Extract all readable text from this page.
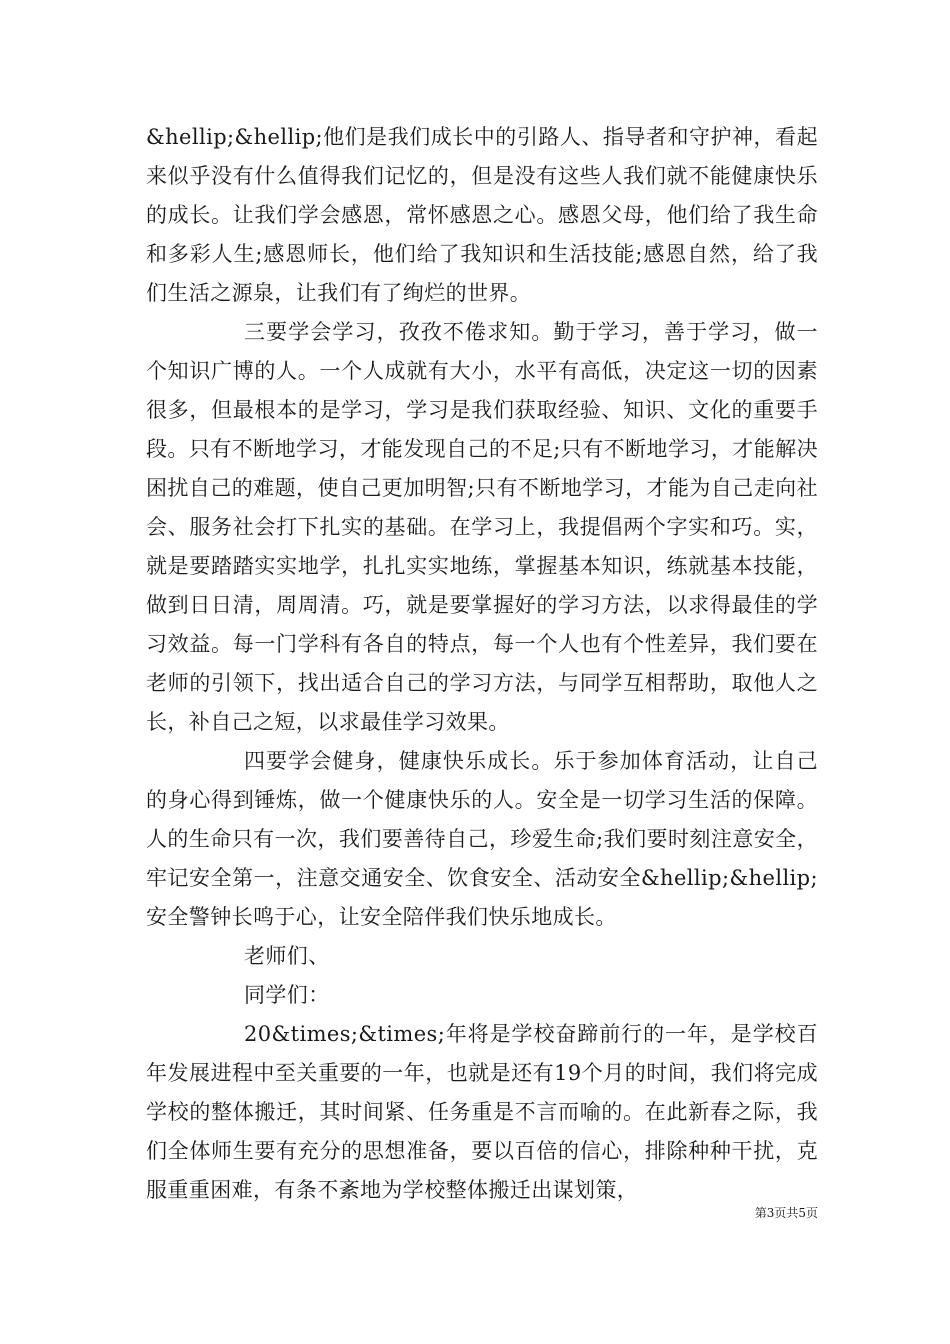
&hellip;&hellip;他们是我们成长中的引路人、指导者和守护神，看起来似乎没有什么值得我们记忆的，但是没有这些人我们就不能健康快乐的成长。让我们学会感恩，常怀感恩之心。感恩父母，他们给了我生命和多彩人生;感恩师长，他们给了我知识和生活技能;感恩自然，给了我们生活之源泉，让我们有了绚烂的世界。

三要学会学习，孜孜不倦求知。勤于学习，善于学习，做一个知识广博的人。一个人成就有大小，水平有高低，决定这一切的因素很多，但最根本的是学习，学习是我们获取经验、知识、文化的重要手段。只有不断地学习，才能发现自己的不足;只有不断地学习，才能解决困扰自己的难题，使自己更加明智;只有不断地学习，才能为自己走向社会、服务社会打下扎实的基础。在学习上，我提倡两个字实和巧。实，就是要踏踏实实地学，扎扎实实地练，掌握基本知识，练就基本技能，做到日日清，周周清。巧，就是要掌握好的学习方法，以求得最佳的学习效益。每一门学科有各自的特点，每一个人也有个性差异，我们要在老师的引领下，找出适合自己的学习方法，与同学互相帮助，取他人之长，补自己之短，以求最佳学习效果。

四要学会健身，健康快乐成长。乐于参加体育活动，让自己的身心得到锤炼，做一个健康快乐的人。安全是一切学习生活的保障。人的生命只有一次，我们要善待自己，珍爱生命;我们要时刻注意安全，牢记安全第一，注意交通安全、饮食安全、活动安全&hellip;&hellip;安全警钟长鸣于心，让安全陪伴我们快乐地成长。

老师们、

同学们：

20&times;&times;年将是学校奋蹄前行的一年，是学校百年发展进程中至关重要的一年，也就是还有19个月的时间，我们将完成学校的整体搬迁，其时间紧、任务重是不言而喻的。在此新春之际，我们全体师生要有充分的思想准备，要以百倍的信心，排除种种干扰，克服重重困难，有条不紊地为学校整体搬迁出谋划策，

第3页共5页
